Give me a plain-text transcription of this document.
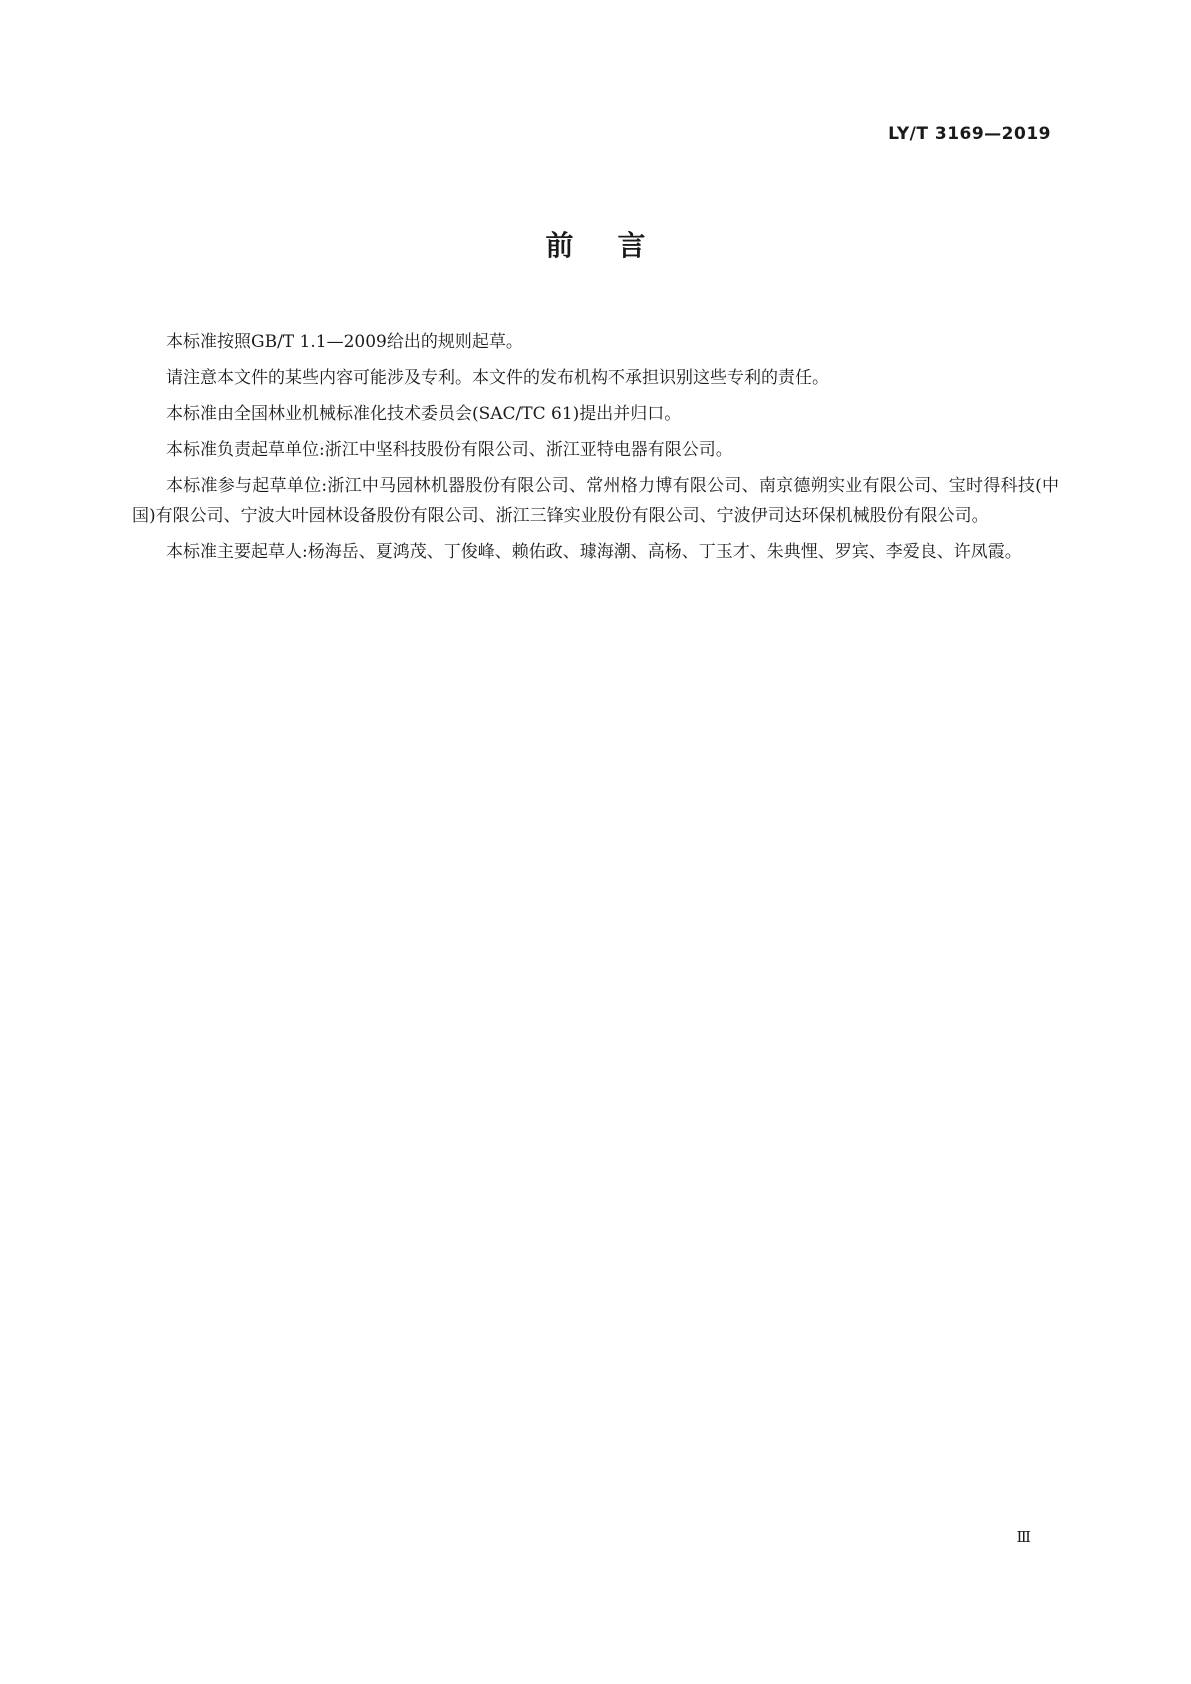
LY/T 3169—2019
前言

本标准按照GB/T 1.1—2009给出的规则起草。

请注意本文件的某些内容可能涉及专利。本文件的发布机构不承担识别这些专利的责任。

本标准由全国林业机械标准化技术委员会(SAC/TC 61)提出并归口。

本标准负责起草单位:浙江中坚科技股份有限公司、浙江亚特电器有限公司。

本标准参与起草单位:浙江中马园林机器股份有限公司、常州格力博有限公司、南京德朔实业有限公司、宝时得科技(中国)有限公司、宁波大叶园林设备股份有限公司、浙江三锋实业股份有限公司、宁波伊司达环保机械股份有限公司。

本标准主要起草人:杨海岳、夏鸿茂、丁俊峰、赖佑政、璩海潮、高杨、丁玉才、朱典悝、罗宾、李爱良、许凤霞。

Ⅲ
